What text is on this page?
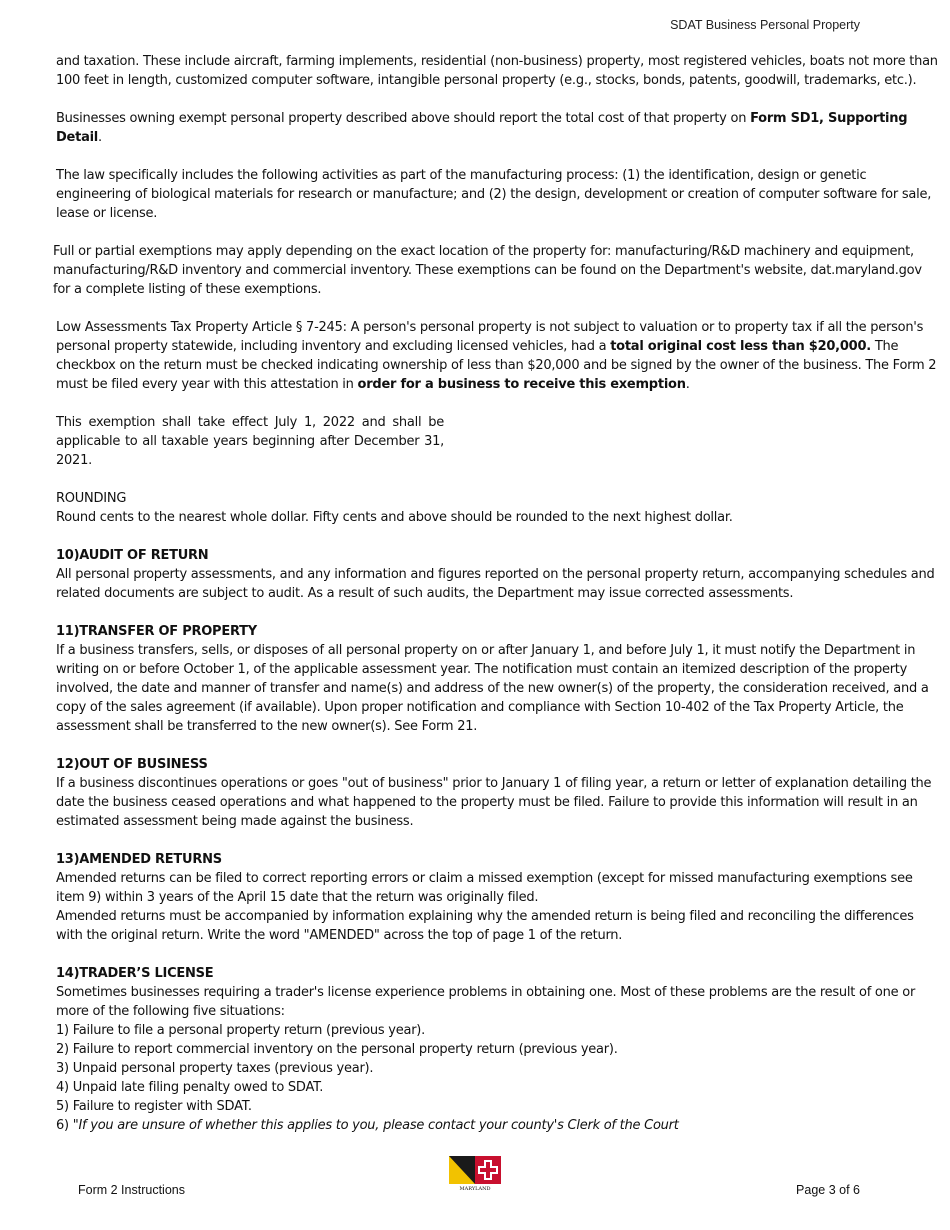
SDAT Business Personal Property

and taxation. These include aircraft, farming implements, residential (non-business) property, most registered vehicles, boats not more than 100 feet in length, customized computer software, intangible personal property (e.g., stocks, bonds, patents, goodwill, trademarks, etc.).

Businesses owning exempt personal property described above should report the total cost of that property on Form SD1, Supporting Detail.

The law specifically includes the following activities as part of the manufacturing process: (1) the identification, design or genetic engineering of biological materials for research or manufacture; and (2) the design, development or creation of computer software for sale, lease or license.

Full or partial exemptions may apply depending on the exact location of the property for: manufacturing/R&D machinery and equipment, manufacturing/R&D inventory and commercial inventory. These exemptions can be found on the Department's website, dat.maryland.gov for a complete listing of these exemptions.

Low Assessments Tax Property Article § 7-245: A person's personal property is not subject to valuation or to property tax if all the person's personal property statewide, including inventory and excluding licensed vehicles, had a total original cost less than $20,000. The checkbox on the return must be checked indicating ownership of less than $20,000 and be signed by the owner of the business. The Form 2 must be filed every year with this attestation in order for a business to receive this exemption.

This exemption shall take effect July 1, 2022 and shall be applicable to all taxable years beginning after December 31, 2021.

ROUNDING

Round cents to the nearest whole dollar. Fifty cents and above should be rounded to the next highest dollar.

10)AUDIT OF RETURN

All personal property assessments, and any information and figures reported on the personal property return, accompanying schedules and related documents are subject to audit. As a result of such audits, the Department may issue corrected assessments.

11)TRANSFER OF PROPERTY

If a business transfers, sells, or disposes of all personal property on or after January 1, and before July 1, it must notify the Department in writing on or before October 1, of the applicable assessment year. The notification must contain an itemized description of the property involved, the date and manner of transfer and name(s) and address of the new owner(s) of the property, the consideration received, and a copy of the sales agreement (if available). Upon proper notification and compliance with Section 10-402 of the Tax Property Article, the assessment shall be transferred to the new owner(s). See Form 21.

12)OUT OF BUSINESS

If a business discontinues operations or goes "out of business" prior to January 1 of filing year, a return or letter of explanation detailing the date the business ceased operations and what happened to the property must be filed. Failure to provide this information will result in an estimated assessment being made against the business.

13)AMENDED RETURNS

Amended returns can be filed to correct reporting errors or claim a missed exemption (except for missed manufacturing exemptions see item 9) within 3 years of the April 15 date that the return was originally filed.

Amended returns must be accompanied by information explaining why the amended return is being filed and reconciling the differences with the original return. Write the word "AMENDED" across the top of page 1 of the return.

14)TRADER’S LICENSE

Sometimes businesses requiring a trader's license experience problems in obtaining one. Most of these problems are the result of one or more of the following five situations:

1) Failure to file a personal property return (previous year).

2) Failure to report commercial inventory on the personal property return (previous year).

3) Unpaid personal property taxes (previous year).

4) Unpaid late filing penalty owed to SDAT.

5) Failure to register with SDAT.

6) "If you are unsure of whether this applies to you, please contact your county's Clerk of the Court

MARYLAND
Form 2 Instructions	Page 3 of 6
